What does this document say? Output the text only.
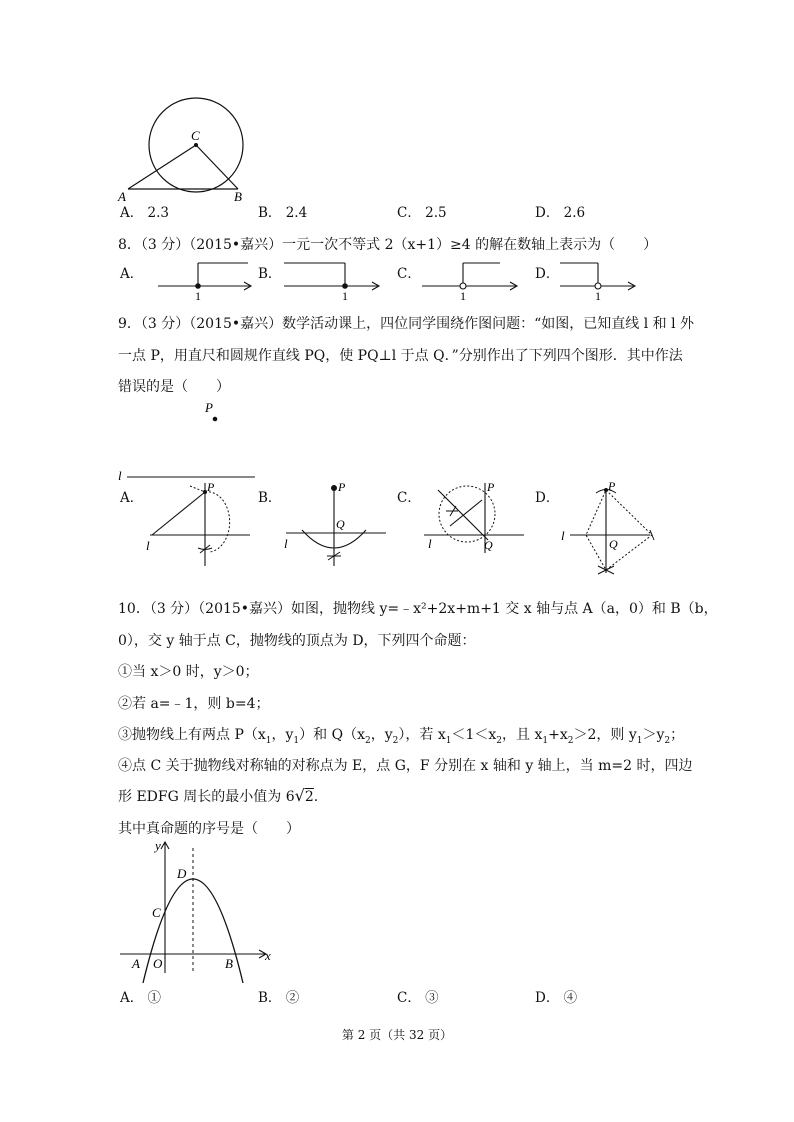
C
A	B
A． 2.3	B． 2.4	C． 2.5	D． 2.6
8．（3 分）（2015•嘉兴）一元一次不等式 2（x+1）≥4 的解在数轴上表示为（　　）
A．	B．	C．	D．
1	1	1	1
9．（3 分）（2015•嘉兴）数学活动课上，四位同学围绕作图问题：“如图，已知直线 l 和 l 外
一点 P，用直尺和圆规作直线 PQ，使 PQ⊥l 于点 Q．”分别作出了下列四个图形．其中作法
错误的是（　　）
P
l
A．	B．	C．	D．
P
l
P
Q
l
P
Q
l
P
Q
l
10．（3 分）（2015•嘉兴）如图，抛物线 y=﹣x²+2x+m+1 交 x 轴与点 A（a，0）和 B（b，
0），交 y 轴于点 C，抛物线的顶点为 D，下列四个命题：
①当 x＞0 时，y＞0；
②若 a=﹣1，则 b=4；
③抛物线上有两点 $P(x_1$，$y_1$）和 $Q(x_2$，$y_2$），若 $x_1<1<x_2$，且 $x_1+x_2>2$，则 $y_1>y_2$；
④点 C 关于抛物线对称轴的对称点为 E，点 G，F 分别在 x 轴和 y 轴上，当 m=2 时，四边
形 EDFG 周长的最小值为 6√2.
其中真命题的序号是（　　）
y
x
D
C
A O	B
A． ①	B． ②	C． ③	D． ④
第 2 页（共 32 页）
